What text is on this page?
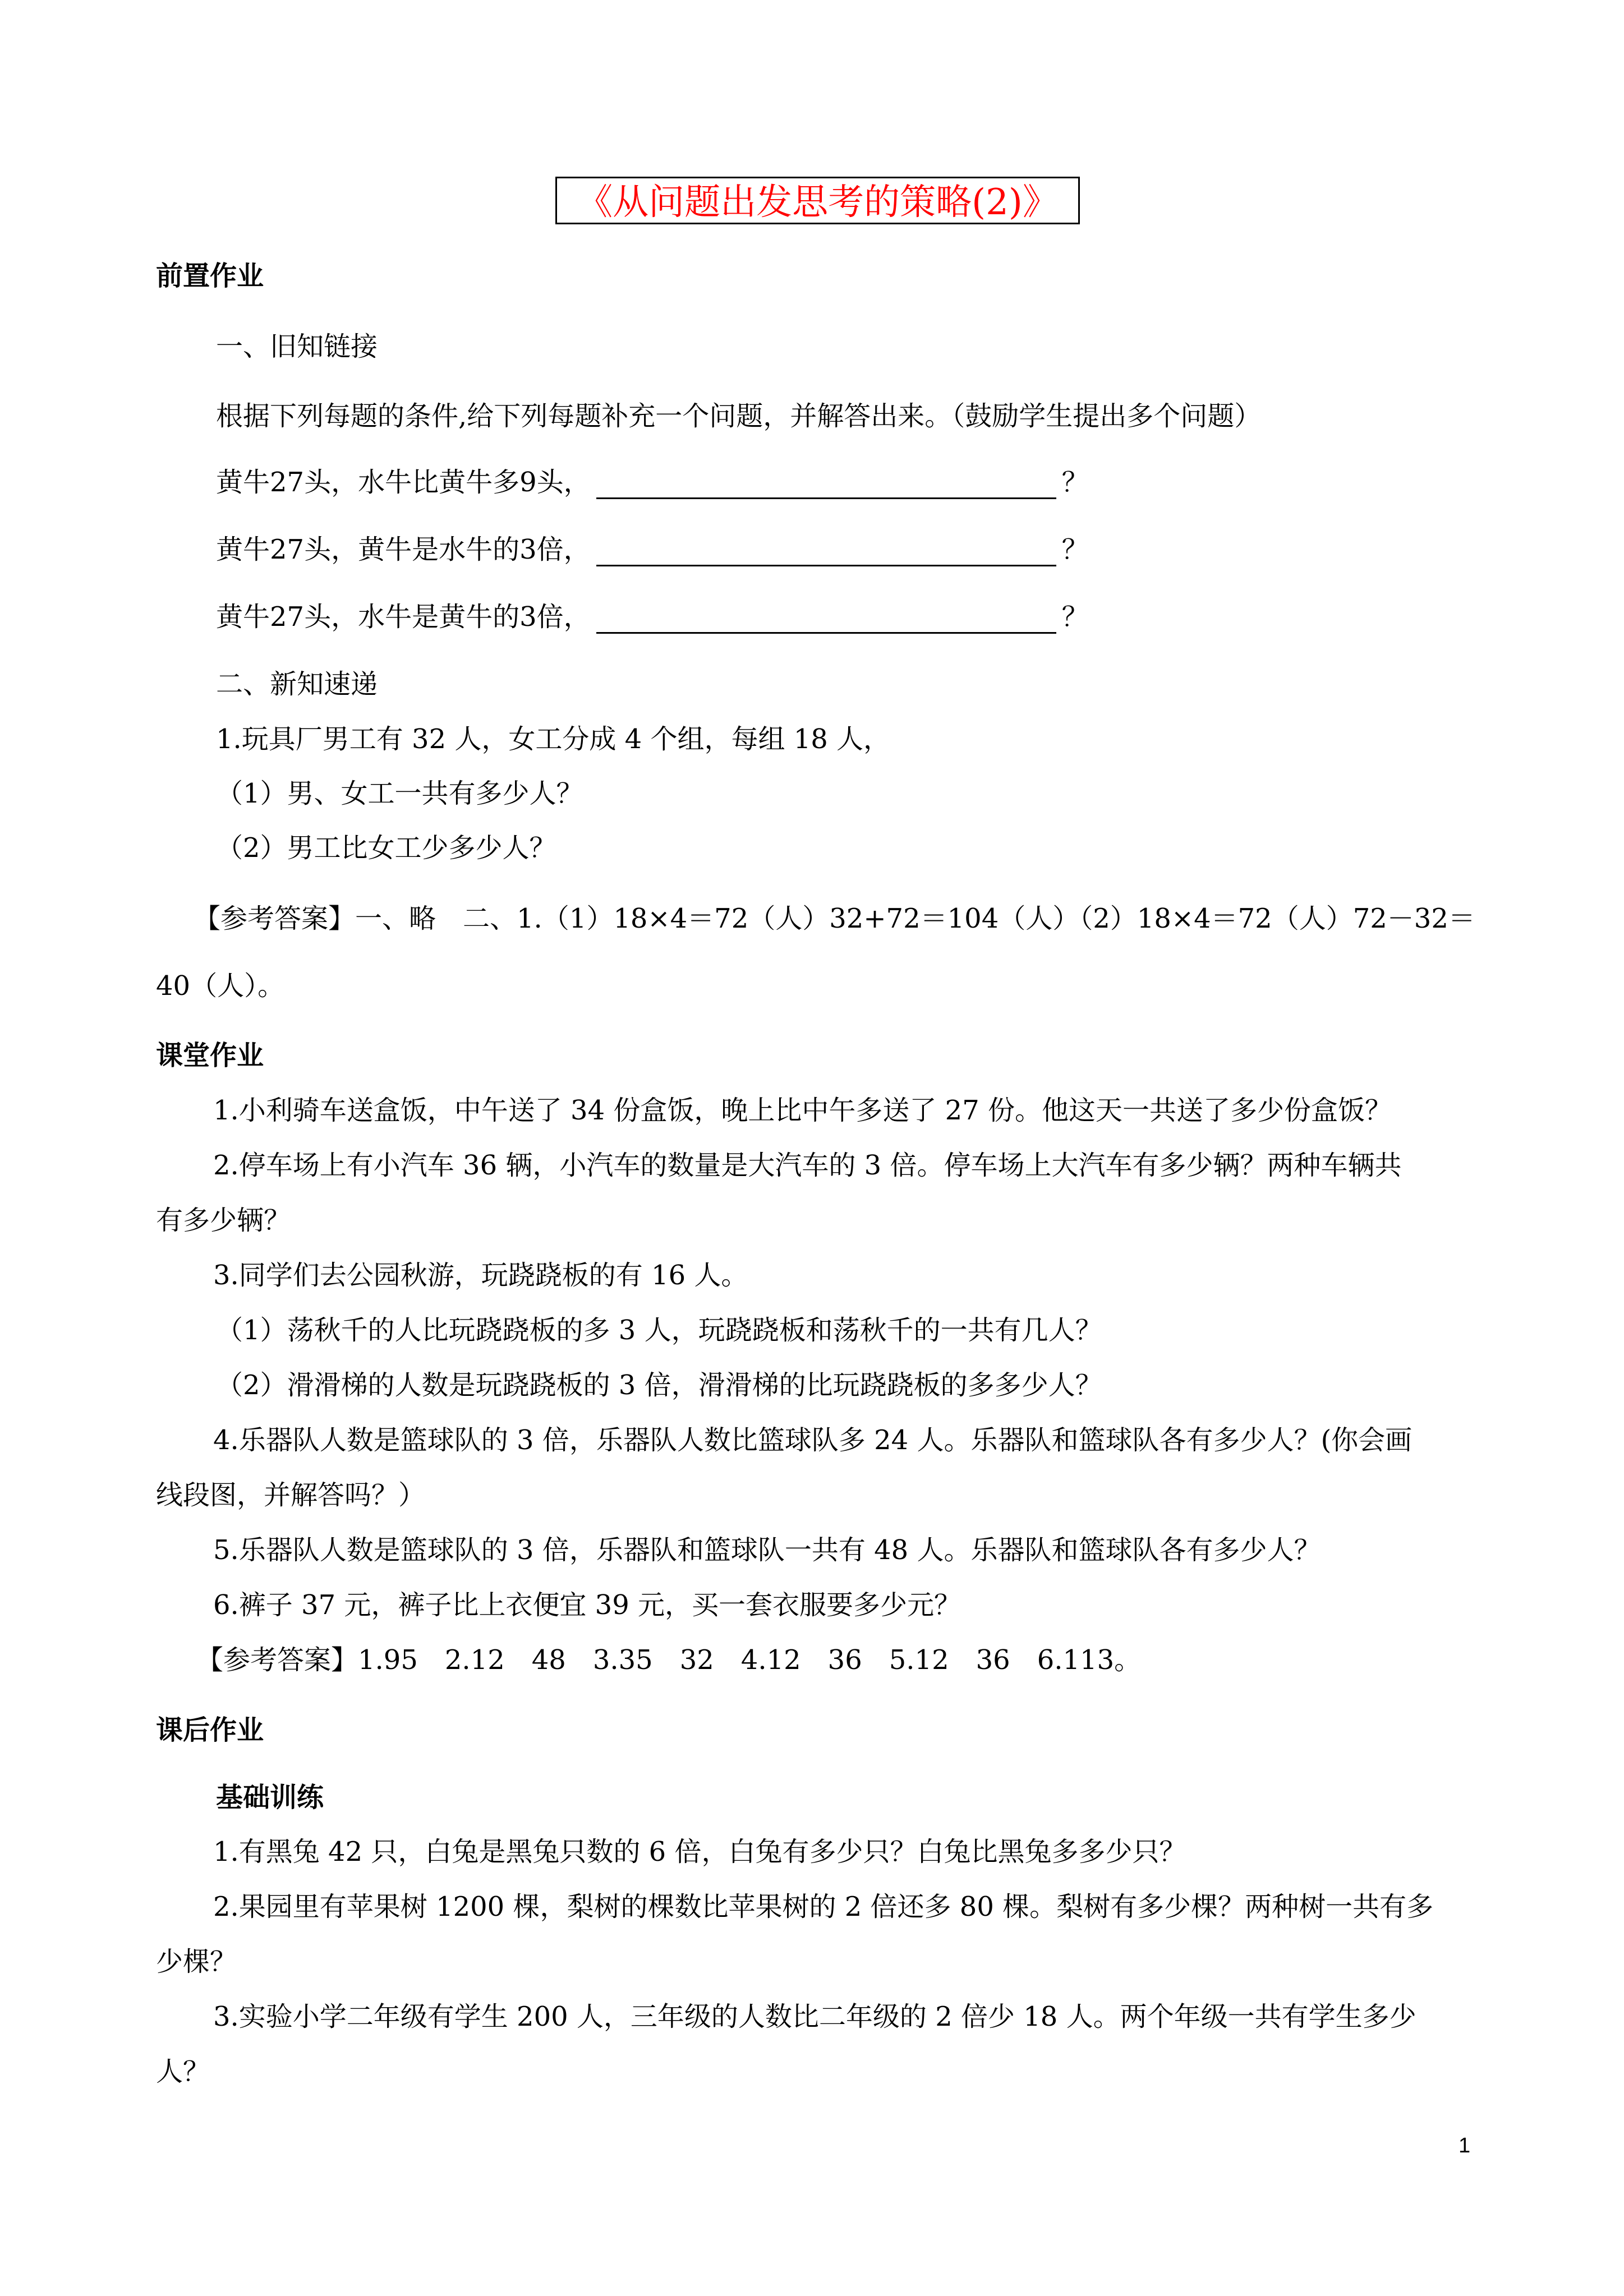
《从问题出发思考的策略(2)》
前置作业
一、旧知链接
根据下列每题的条件,给下列每题补充一个问题，并解答出来。（鼓励学生提出多个问题）
黄牛27头，水牛比黄牛多9头，	？
黄牛27头，黄牛是水牛的3倍，	？
黄牛27头，水牛是黄牛的3倍，	？
二、新知速递
1.玩具厂男工有 32 人，女工分成 4 个组，每组 18 人，
（1）男、女工一共有多少人？
（2）男工比女工少多少人？
【参考答案】一、略　二、1.（1）18×4＝72（人）32+72＝104（人）（2）18×4＝72（人）72－32＝
40（人）。
课堂作业
1.小利骑车送盒饭，中午送了 34 份盒饭，晚上比中午多送了 27 份。他这天一共送了多少份盒饭？
2.停车场上有小汽车 36 辆，小汽车的数量是大汽车的 3 倍。停车场上大汽车有多少辆？两种车辆共
有多少辆？
3.同学们去公园秋游，玩跷跷板的有 16 人。
（1）荡秋千的人比玩跷跷板的多 3 人，玩跷跷板和荡秋千的一共有几人？
（2）滑滑梯的人数是玩跷跷板的 3 倍，滑滑梯的比玩跷跷板的多多少人？
4.乐器队人数是篮球队的 3 倍，乐器队人数比篮球队多 24 人。乐器队和篮球队各有多少人？(你会画
线段图，并解答吗？）
5.乐器队人数是篮球队的 3 倍，乐器队和篮球队一共有 48 人。乐器队和篮球队各有多少人？
6.裤子 37 元，裤子比上衣便宜 39 元，买一套衣服要多少元？
【参考答案】1.95　2.12　48　3.35　32　4.12　36　5.12　36　6.113。
课后作业
基础训练
1.有黑兔 42 只，白兔是黑兔只数的 6 倍，白兔有多少只？白兔比黑兔多多少只？
2.果园里有苹果树 1200 棵，梨树的棵数比苹果树的 2 倍还多 80 棵。梨树有多少棵？两种树一共有多
少棵？
3.实验小学二年级有学生 200 人，三年级的人数比二年级的 2 倍少 18 人。两个年级一共有学生多少
人？
1
